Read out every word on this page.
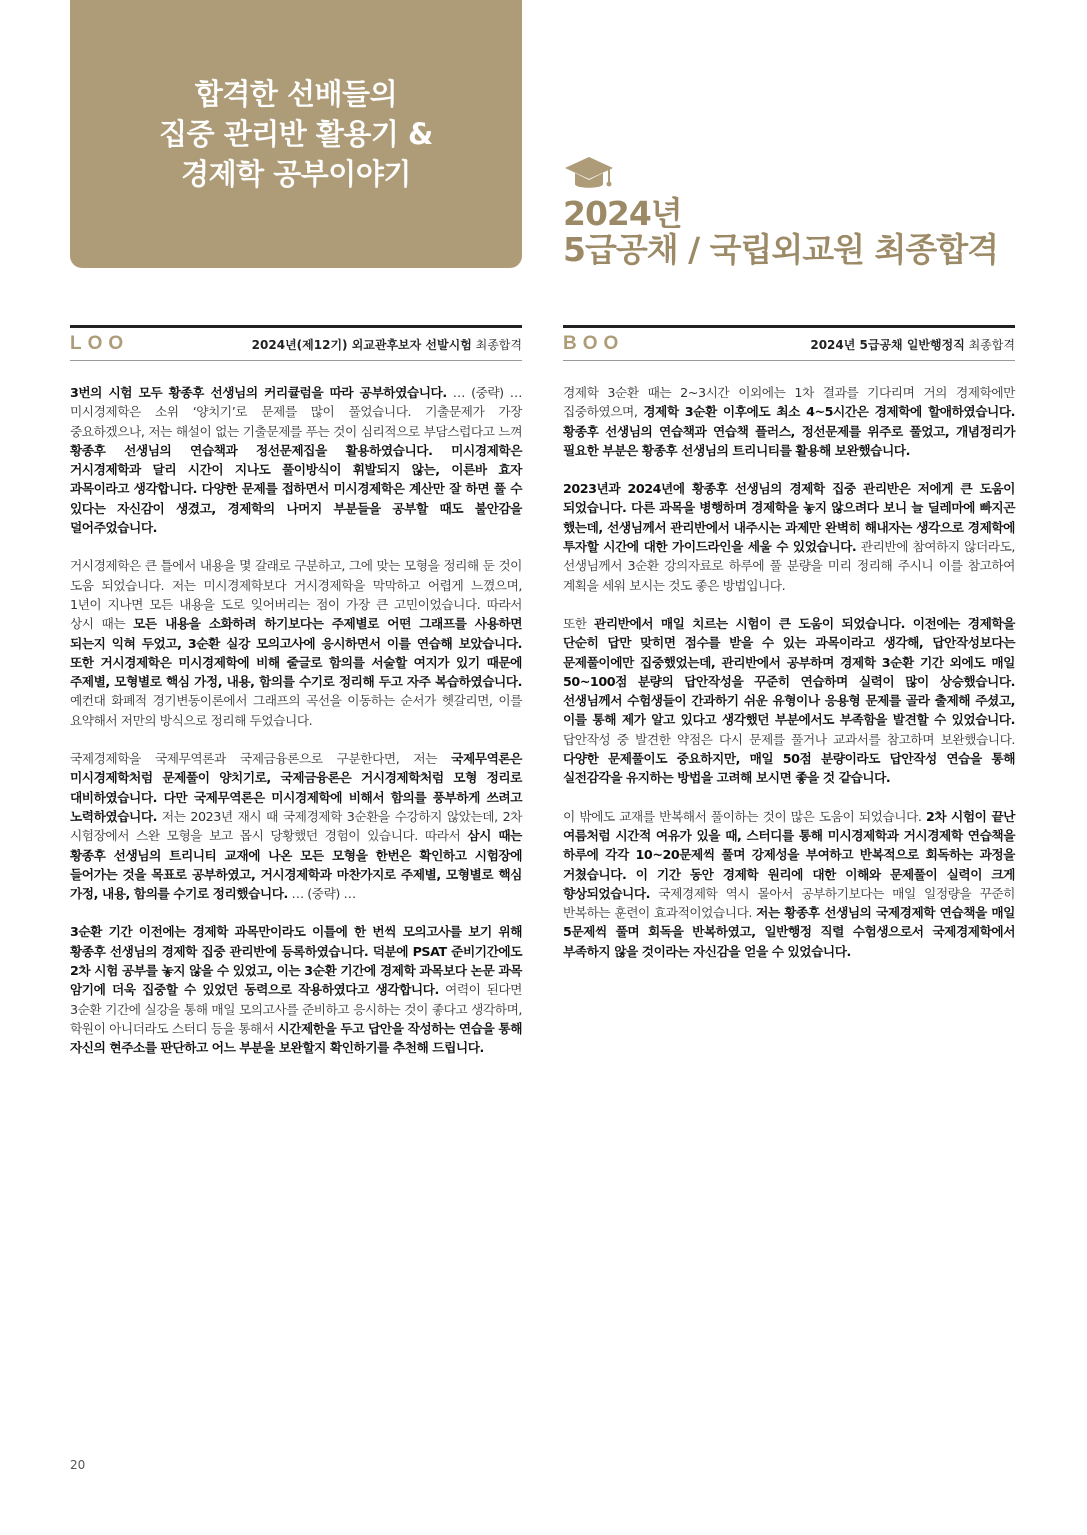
합격한 선배들의
집중 관리반 활용기 &
경제학 공부이야기
2024년
5급공채 / 국립외교원 최종합격
LOO	2024년(제12기) 외교관후보자 선발시험 최종합격

3번의 시험 모두 황종후 선생님의 커리큘럼을 따라 공부하였습니다. … (중략) … 미시경제학은 소위 ‘양치기’로 문제를 많이 풀었습니다. 기출문제가 가장 중요하겠으나, 저는 해설이 없는 기출문제를 푸는 것이 심리적으로 부담스럽다고 느껴 황종후 선생님의 연습책과 정선문제집을 활용하였습니다. 미시경제학은 거시경제학과 달리 시간이 지나도 풀이방식이 휘발되지 않는, 이른바 효자 과목이라고 생각합니다. 다양한 문제를 접하면서 미시경제학은 계산만 잘 하면 풀 수 있다는 자신감이 생겼고, 경제학의 나머지 부분들을 공부할 때도 불안감을 덜어주었습니다.

거시경제학은 큰 틀에서 내용을 몇 갈래로 구분하고, 그에 맞는 모형을 정리해 둔 것이 도움 되었습니다. 저는 미시경제학보다 거시경제학을 막막하고 어렵게 느꼈으며, 1년이 지나면 모든 내용을 도로 잊어버리는 점이 가장 큰 고민이었습니다. 따라서 상시 때는 모든 내용을 소화하려 하기보다는 주제별로 어떤 그래프를 사용하면 되는지 익혀 두었고, 3순환 실강 모의고사에 응시하면서 이를 연습해 보았습니다. 또한 거시경제학은 미시경제학에 비해 줄글로 함의를 서술할 여지가 있기 때문에 주제별, 모형별로 핵심 가정, 내용, 함의를 수기로 정리해 두고 자주 복습하였습니다. 예컨대 화폐적 경기변동이론에서 그래프의 곡선을 이동하는 순서가 헷갈리면, 이를 요약해서 저만의 방식으로 정리해 두었습니다.

국제경제학을 국제무역론과 국제금융론으로 구분한다면, 저는 국제무역론은 미시경제학처럼 문제풀이 양치기로, 국제금융론은 거시경제학처럼 모형 정리로 대비하였습니다. 다만 국제무역론은 미시경제학에 비해서 함의를 풍부하게 쓰려고 노력하였습니다. 저는 2023년 재시 때 국제경제학 3순환을 수강하지 않았는데, 2차 시험장에서 스완 모형을 보고 몹시 당황했던 경험이 있습니다. 따라서 삼시 때는 황종후 선생님의 트리니티 교재에 나온 모든 모형을 한번은 확인하고 시험장에 들어가는 것을 목표로 공부하였고, 거시경제학과 마찬가지로 주제별, 모형별로 핵심 가정, 내용, 함의를 수기로 정리했습니다. … (중략) …

3순환 기간 이전에는 경제학 과목만이라도 이틀에 한 번씩 모의고사를 보기 위해 황종후 선생님의 경제학 집중 관리반에 등록하였습니다. 덕분에 PSAT 준비기간에도 2차 시험 공부를 놓지 않을 수 있었고, 이는 3순환 기간에 경제학 과목보다 논문 과목 암기에 더욱 집중할 수 있었던 동력으로 작용하였다고 생각합니다. 여력이 된다면 3순환 기간에 실강을 통해 매일 모의고사를 준비하고 응시하는 것이 좋다고 생각하며, 학원이 아니더라도 스터디 등을 통해서 시간제한을 두고 답안을 작성하는 연습을 통해 자신의 현주소를 판단하고 어느 부분을 보완할지 확인하기를 추천해 드립니다.

BOO	2024년 5급공채 일반행정직 최종합격

경제학 3순환 때는 2~3시간 이외에는 1차 결과를 기다리며 거의 경제학에만 집중하였으며, 경제학 3순환 이후에도 최소 4~5시간은 경제학에 할애하였습니다. 황종후 선생님의 연습책과 연습책 플러스, 정선문제를 위주로 풀었고, 개념정리가 필요한 부분은 황종후 선생님의 트리니티를 활용해 보완했습니다.

2023년과 2024년에 황종후 선생님의 경제학 집중 관리반은 저에게 큰 도움이 되었습니다. 다른 과목을 병행하며 경제학을 놓지 않으려다 보니 늘 딜레마에 빠지곤 했는데, 선생님께서 관리반에서 내주시는 과제만 완벽히 해내자는 생각으로 경제학에 투자할 시간에 대한 가이드라인을 세울 수 있었습니다. 관리반에 참여하지 않더라도, 선생님께서 3순환 강의자료로 하루에 풀 분량을 미리 정리해 주시니 이를 참고하여 계획을 세워 보시는 것도 좋은 방법입니다.

또한 관리반에서 매일 치르는 시험이 큰 도움이 되었습니다. 이전에는 경제학을 단순히 답만 맞히면 점수를 받을 수 있는 과목이라고 생각해, 답안작성보다는 문제풀이에만 집중했었는데, 관리반에서 공부하며 경제학 3순환 기간 외에도 매일 50~100점 분량의 답안작성을 꾸준히 연습하며 실력이 많이 상승했습니다. 선생님께서 수험생들이 간과하기 쉬운 유형이나 응용형 문제를 골라 출제해 주셨고, 이를 통해 제가 알고 있다고 생각했던 부분에서도 부족함을 발견할 수 있었습니다. 답안작성 중 발견한 약점은 다시 문제를 풀거나 교과서를 참고하며 보완했습니다. 다양한 문제풀이도 중요하지만, 매일 50점 분량이라도 답안작성 연습을 통해 실전감각을 유지하는 방법을 고려해 보시면 좋을 것 같습니다.

이 밖에도 교재를 반복해서 풀이하는 것이 많은 도움이 되었습니다. 2차 시험이 끝난 여름처럼 시간적 여유가 있을 때, 스터디를 통해 미시경제학과 거시경제학 연습책을 하루에 각각 10~20문제씩 풀며 강제성을 부여하고 반복적으로 회독하는 과정을 거쳤습니다. 이 기간 동안 경제학 원리에 대한 이해와 문제풀이 실력이 크게 향상되었습니다. 국제경제학 역시 몰아서 공부하기보다는 매일 일정량을 꾸준히 반복하는 훈련이 효과적이었습니다. 저는 황종후 선생님의 국제경제학 연습책을 매일 5문제씩 풀며 회독을 반복하였고, 일반행정 직렬 수험생으로서 국제경제학에서 부족하지 않을 것이라는 자신감을 얻을 수 있었습니다.

20
